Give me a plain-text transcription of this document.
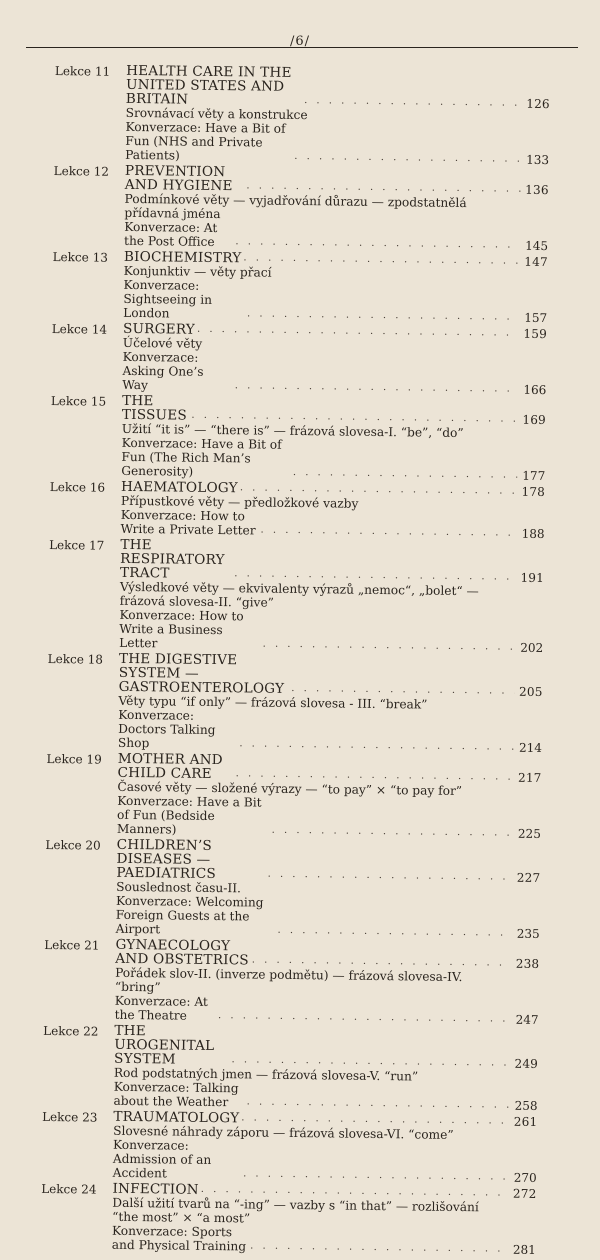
/6/
Lekce 11 HEALTH CARE IN THE UNITED STATES AND BRITAIN . . .	126
Srovnávací věty a konstrukce
Konverzace: Have a Bit of Fun (NHS and Private Patients) . . .	133
Lekce 12 PREVENTION AND HYGIENE . . .	136
Podmínkové věty — vyjadřování důrazu — zpodstatnělá přídavná jména
Konverzace: At the Post Office . . .	145
Lekce 13 BIOCHEMISTRY . . .	147
Konjunktiv — věty přací
Konverzace: Sightseeing in London . . .	157
Lekce 14 SURGERY . . .	159
Účelové věty
Konverzace: Asking One’s Way . . .	166
Lekce 15 THE TISSUES . . .	169
Užití “it is” — “there is” — frázová slovesa-I. “be”, “do”
Konverzace: Have a Bit of Fun (The Rich Man’s Generosity) . . .	177
Lekce 16 HAEMATOLOGY . . .	178
Přípustkové věty — předložkové vazby
Konverzace: How to Write a Private Letter . . .	188
Lekce 17 THE RESPIRATORY TRACT . . .	191
Výsledkové věty — ekvivalenty výrazů „nemoc“, „bolet“ — frázová slovesa-II. “give”
Konverzace: How to Write a Business Letter . . .	202
Lekce 18 THE DIGESTIVE SYSTEM — GASTROENTEROLOGY . . .	205
Věty typu “if only” — frázová slovesa - III. “break”
Konverzace: Doctors Talking Shop . . .	214
Lekce 19 MOTHER AND CHILD CARE . . .	217
Časové věty — složené výrazy — “to pay” × “to pay for”
Konverzace: Have a Bit of Fun (Bedside Manners) . . .	225
Lekce 20 CHILDREN’S DISEASES — PAEDIATRICS . . .	227
Souslednost času-II.
Konverzace: Welcoming Foreign Guests at the Airport . . .	235
Lekce 21 GYNAECOLOGY AND OBSTETRICS . . .	238
Pořádek slov-II. (inverze podmětu) — frázová slovesa-IV. “bring”
Konverzace: At the Theatre . . .	247
Lekce 22 THE UROGENITAL SYSTEM . . .	249
Rod podstatných jmen — frázová slovesa-V. “run”
Konverzace: Talking about the Weather . . .	258
Lekce 23 TRAUMATOLOGY . . .	261
Slovesné náhrady záporu — frázová slovesa-VI. “come”
Konverzace: Admission of an Accident . . .	270
Lekce 24 INFECTION . . .	272
Další užití tvarů na “-ing” — vazby s “in that” — rozlišování “the most” × “a most”
Konverzace: Sports and Physical Training . . .	281
